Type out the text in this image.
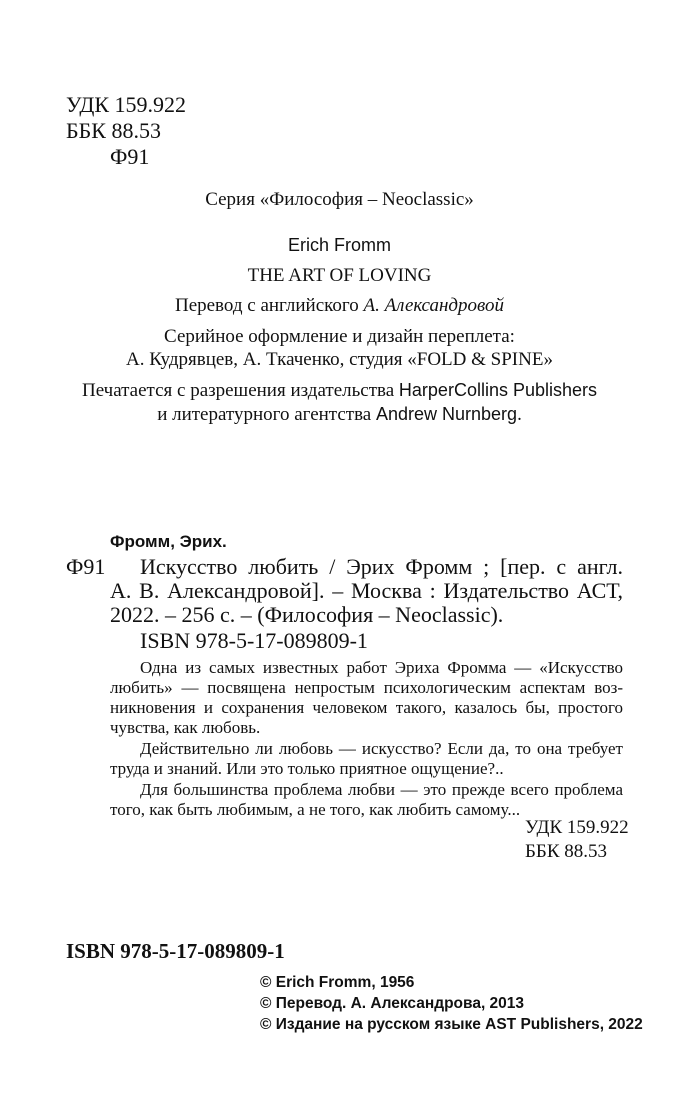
УДК 159.922
ББК 88.53
Ф91
Серия «Философия – Neoclassic»
Erich Fromm
THE ART OF LOVING
Перевод с английского А. Александровой
Серийное оформление и дизайн переплета:
А. Кудрявцев, А. Ткаченко, студия «FOLD & SPINE»
Печатается с разрешения издательства HarperCollins Publishers
и литературного агентства Andrew Nurnberg.
Фромм, Эрих.
Ф91 Искусство любить / Эрих Фромм ; [пер. с англ.
А. В. Александровой]. – Москва : Издательство АСТ,
2022. – 256 с. – (Философия – Neoclassic).
ISBN 978-5-17-089809-1
Одна из самых известных работ Эриха Фромма — «Искусство
любить» — посвящена непростым психологическим аспектам воз-
никновения и сохранения человеком такого, казалось бы, простого
чувства, как любовь.
Действительно ли любовь — искусство? Если да, то она требует
труда и знаний. Или это только приятное ощущение?..
Для большинства проблема любви — это прежде всего проблема
того, как быть любимым, а не того, как любить самому...
УДК 159.922
ББК 88.53
ISBN 978-5-17-089809-1
© Erich Fromm, 1956
© Перевод. А. Александрова, 2013
© Издание на русском языке AST Publishers, 2022
